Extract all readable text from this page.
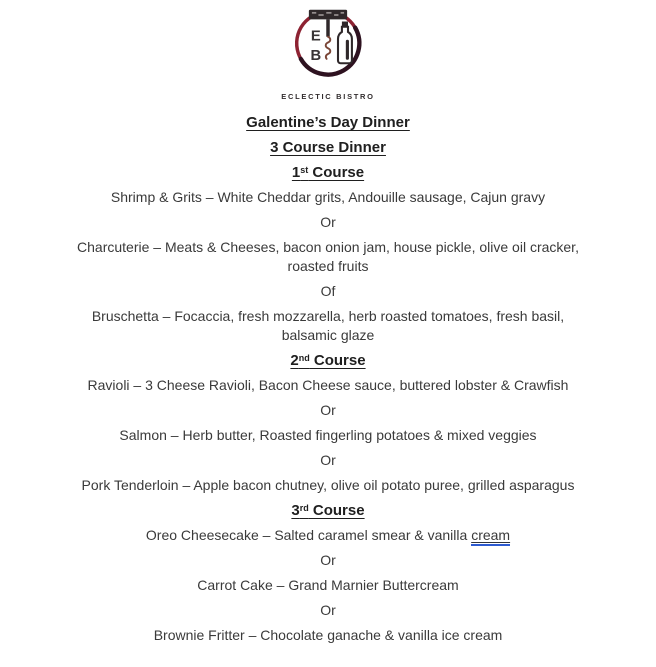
E
B
ECLECTIC BISTRO
Galentine’s Day Dinner
3 Course Dinner
1st Course
Shrimp & Grits – White Cheddar grits, Andouille sausage, Cajun gravy
Or
Charcuterie – Meats & Cheeses, bacon onion jam, house pickle, olive oil cracker,
roasted fruits
Of
Bruschetta – Focaccia, fresh mozzarella, herb roasted tomatoes, fresh basil,
balsamic glaze
2nd Course
Ravioli – 3 Cheese Ravioli, Bacon Cheese sauce, buttered lobster & Crawfish
Or
Salmon – Herb butter, Roasted fingerling potatoes & mixed veggies
Or
Pork Tenderloin – Apple bacon chutney, olive oil potato puree, grilled asparagus
3rd Course
Oreo Cheesecake – Salted caramel smear & vanilla cream
Or
Carrot Cake – Grand Marnier Buttercream
Or
Brownie Fritter – Chocolate ganache & vanilla ice cream
